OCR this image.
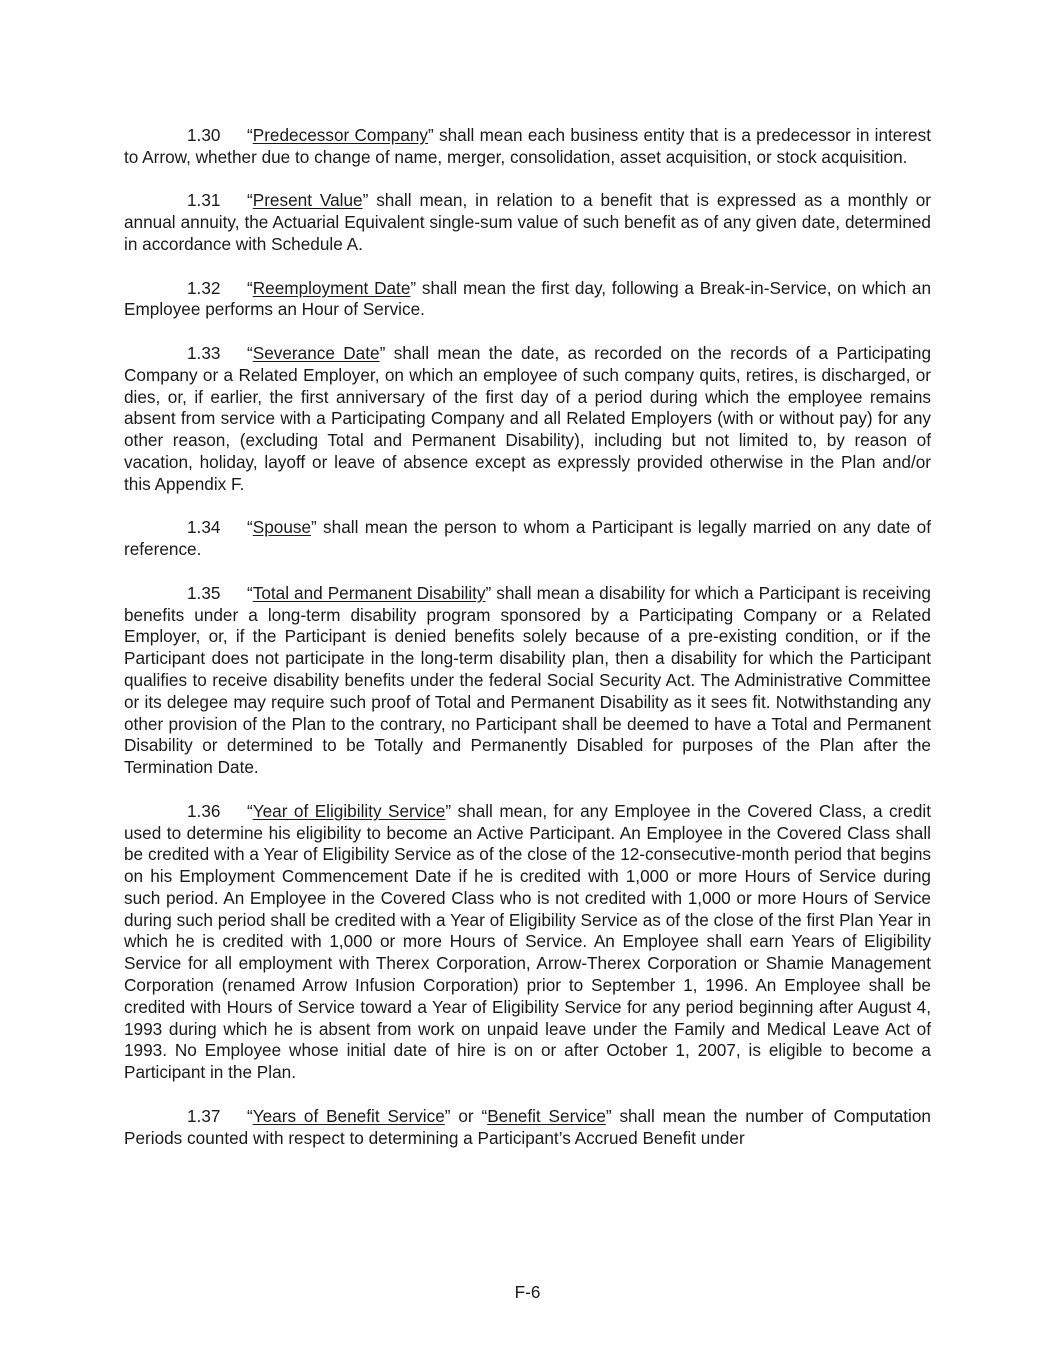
1.30 “Predecessor Company” shall mean each business entity that is a predecessor in interest to Arrow, whether due to change of name, merger, consolidation, asset acquisition, or stock acquisition.

1.31 “Present Value” shall mean, in relation to a benefit that is expressed as a monthly or annual annuity, the Actuarial Equivalent single-sum value of such benefit as of any given date, determined in accordance with Schedule A.

1.32 “Reemployment Date” shall mean the first day, following a Break-in-Service, on which an Employee performs an Hour of Service.

1.33 “Severance Date” shall mean the date, as recorded on the records of a Participating Company or a Related Employer, on which an employee of such company quits, retires, is discharged, or dies, or, if earlier, the first anniversary of the first day of a period during which the employee remains absent from service with a Participating Company and all Related Employers (with or without pay) for any other reason, (excluding Total and Permanent Disability), including but not limited to, by reason of vacation, holiday, layoff or leave of absence except as expressly provided otherwise in the Plan and/or this Appendix F.

1.34 “Spouse” shall mean the person to whom a Participant is legally married on any date of reference.

1.35 “Total and Permanent Disability” shall mean a disability for which a Participant is receiving benefits under a long-term disability program sponsored by a Participating Company or a Related Employer, or, if the Participant is denied benefits solely because of a pre-existing condition, or if the Participant does not participate in the long-term disability plan, then a disability for which the Participant qualifies to receive disability benefits under the federal Social Security Act. The Administrative Committee or its delegee may require such proof of Total and Permanent Disability as it sees fit. Notwithstanding any other provision of the Plan to the contrary, no Participant shall be deemed to have a Total and Permanent Disability or determined to be Totally and Permanently Disabled for purposes of the Plan after the Termination Date.

1.36 “Year of Eligibility Service” shall mean, for any Employee in the Covered Class, a credit used to determine his eligibility to become an Active Participant. An Employee in the Covered Class shall be credited with a Year of Eligibility Service as of the close of the 12-consecutive-month period that begins on his Employment Commencement Date if he is credited with 1,000 or more Hours of Service during such period. An Employee in the Covered Class who is not credited with 1,000 or more Hours of Service during such period shall be credited with a Year of Eligibility Service as of the close of the first Plan Year in which he is credited with 1,000 or more Hours of Service. An Employee shall earn Years of Eligibility Service for all employment with Therex Corporation, Arrow-Therex Corporation or Shamie Management Corporation (renamed Arrow Infusion Corporation) prior to September 1, 1996. An Employee shall be credited with Hours of Service toward a Year of Eligibility Service for any period beginning after August 4, 1993 during which he is absent from work on unpaid leave under the Family and Medical Leave Act of 1993. No Employee whose initial date of hire is on or after October 1, 2007, is eligible to become a Participant in the Plan.

1.37 “Years of Benefit Service” or “Benefit Service” shall mean the number of Computation Periods counted with respect to determining a Participant’s Accrued Benefit under

F-6
